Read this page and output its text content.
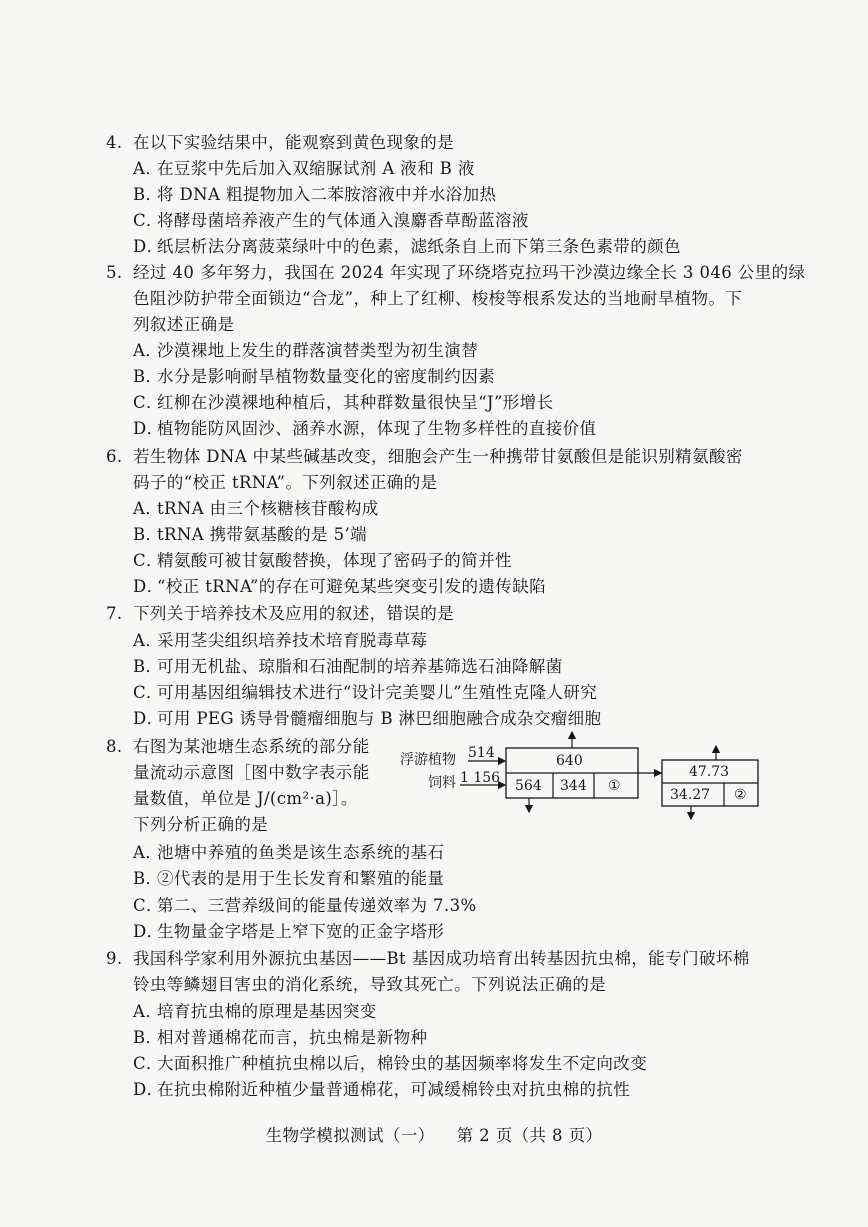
4. 在以下实验结果中，能观察到黄色现象的是
A．在豆浆中先后加入双缩脲试剂 A 液和 B 液
B．将 DNA 粗提物加入二苯胺溶液中并水浴加热
C．将酵母菌培养液产生的气体通入溴麝香草酚蓝溶液
D．纸层析法分离菠菜绿叶中的色素，滤纸条自上而下第三条色素带的颜色
5. 经过 40 多年努力，我国在 2024 年实现了环绕塔克拉玛干沙漠边缘全长 3 046 公里的绿
色阻沙防护带全面锁边“合龙”，种上了红柳、梭梭等根系发达的当地耐旱植物。下
列叙述正确是
A．沙漠裸地上发生的群落演替类型为初生演替
B．水分是影响耐旱植物数量变化的密度制约因素
C．红柳在沙漠裸地种植后，其种群数量很快呈“J”形增长
D．植物能防风固沙、涵养水源，体现了生物多样性的直接价值
6. 若生物体 DNA 中某些碱基改变，细胞会产生一种携带甘氨酸但是能识别精氨酸密
码子的“校正 tRNA”。下列叙述正确的是
A．tRNA 由三个核糖核苷酸构成
B．tRNA 携带氨基酸的是 5’端
C．精氨酸可被甘氨酸替换，体现了密码子的简并性
D．“校正 tRNA”的存在可避免某些突变引发的遗传缺陷
7. 下列关于培养技术及应用的叙述，错误的是
A．采用茎尖组织培养技术培育脱毒草莓
B．可用无机盐、琼脂和石油配制的培养基筛选石油降解菌
C．可用基因组编辑技术进行“设计完美婴儿”生殖性克隆人研究
D．可用 PEG 诱导骨髓瘤细胞与 B 淋巴细胞融合成杂交瘤细胞
8. 右图为某池塘生态系统的部分能
量流动示意图［图中数字表示能
量数值，单位是 J/(cm²·a)］。
下列分析正确的是
A．池塘中养殖的鱼类是该生态系统的基石
B．②代表的是用于生长发育和繁殖的能量
C．第二、三营养级间的能量传递效率为 7.3%
D．生物量金字塔是上窄下宽的正金字塔形
浮游植物 514
饲料 1 156
640
564 344 ①
47.73
34.27 ②
9. 我国科学家利用外源抗虫基因——Bt 基因成功培育出转基因抗虫棉，能专门破坏棉
铃虫等鳞翅目害虫的消化系统，导致其死亡。下列说法正确的是
A．培育抗虫棉的原理是基因突变
B．相对普通棉花而言，抗虫棉是新物种
C．大面积推广种植抗虫棉以后，棉铃虫的基因频率将发生不定向改变
D．在抗虫棉附近种植少量普通棉花，可减缓棉铃虫对抗虫棉的抗性
生物学模拟测试（一） 第 2 页（共 8 页）
